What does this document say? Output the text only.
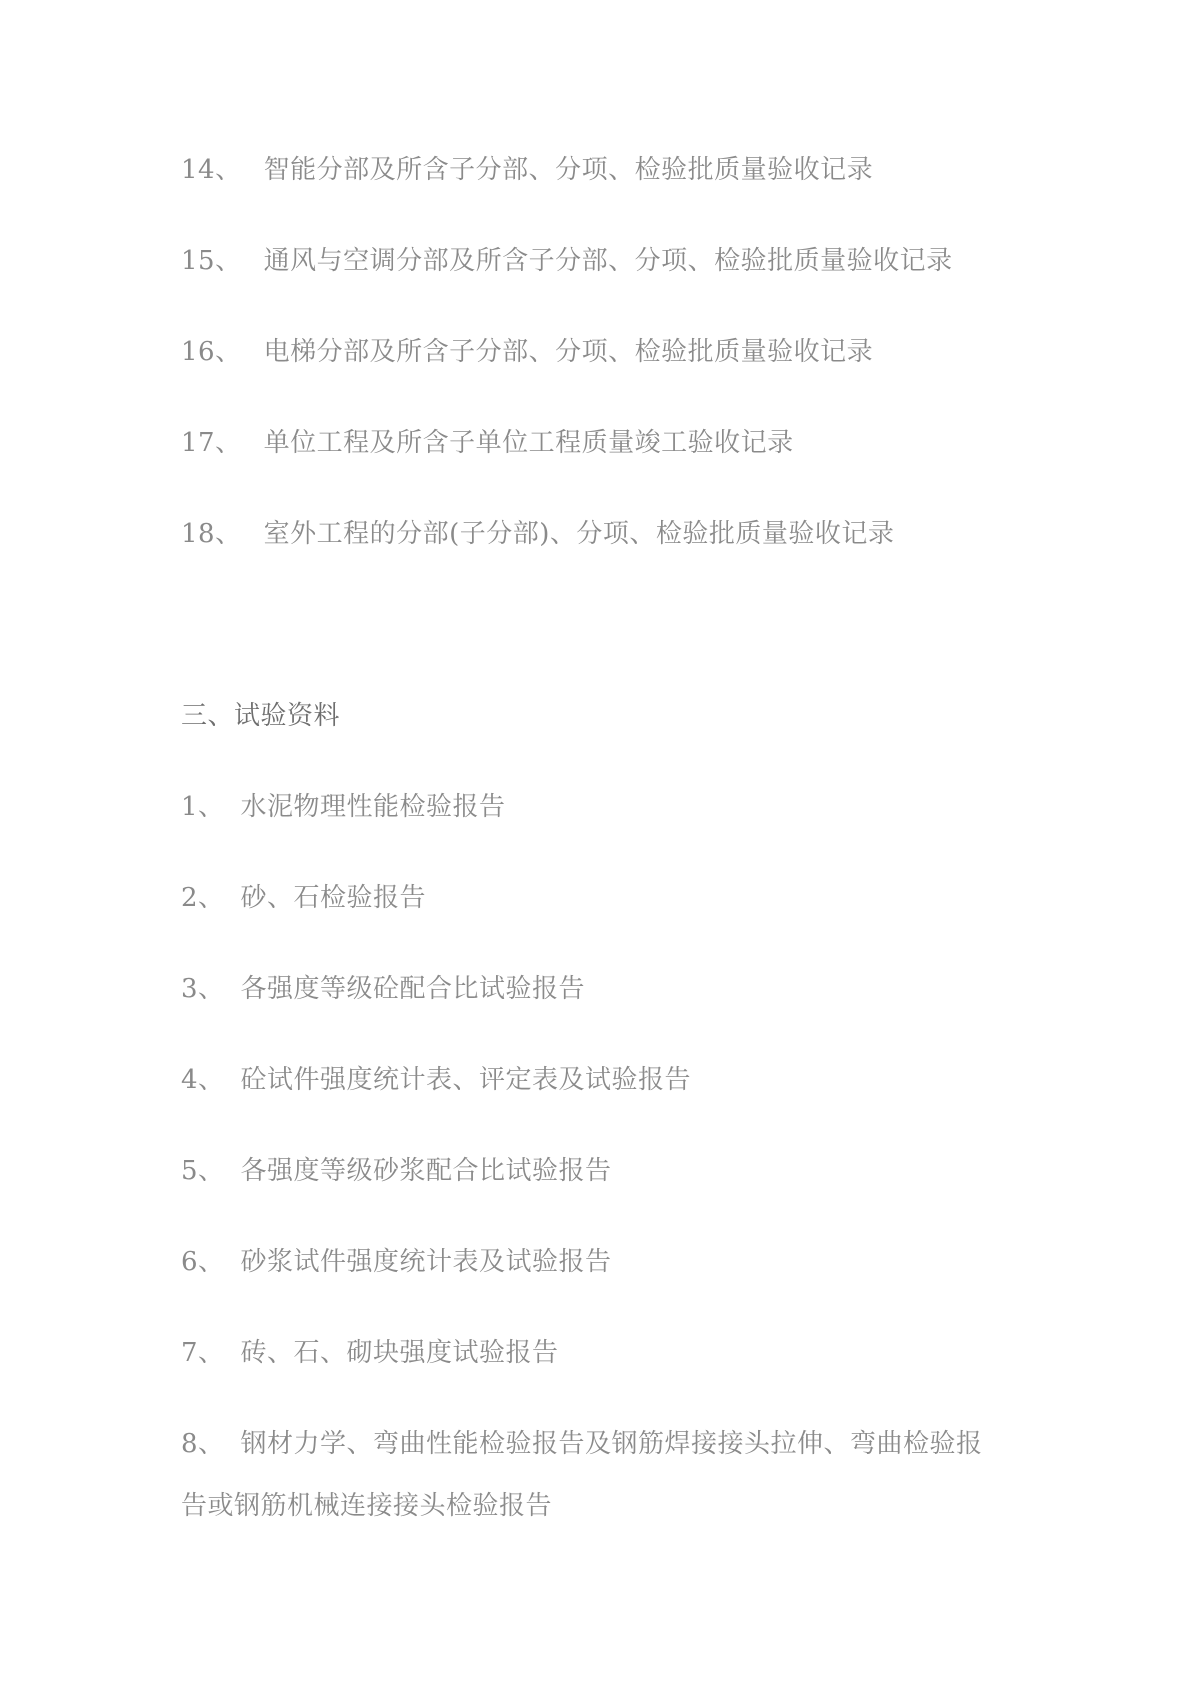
14、 智能分部及所含子分部、分项、检验批质量验收记录
15、 通风与空调分部及所含子分部、分项、检验批质量验收记录
16、 电梯分部及所含子分部、分项、检验批质量验收记录
17、 单位工程及所含子单位工程质量竣工验收记录
18、 室外工程的分部(子分部)、分项、检验批质量验收记录
三、试验资料
1、 水泥物理性能检验报告
2、 砂、石检验报告
3、 各强度等级砼配合比试验报告
4、 砼试件强度统计表、评定表及试验报告
5、 各强度等级砂浆配合比试验报告
6、 砂浆试件强度统计表及试验报告
7、 砖、石、砌块强度试验报告
8、 钢材力学、弯曲性能检验报告及钢筋焊接接头拉伸、弯曲检验报
告或钢筋机械连接接头检验报告
